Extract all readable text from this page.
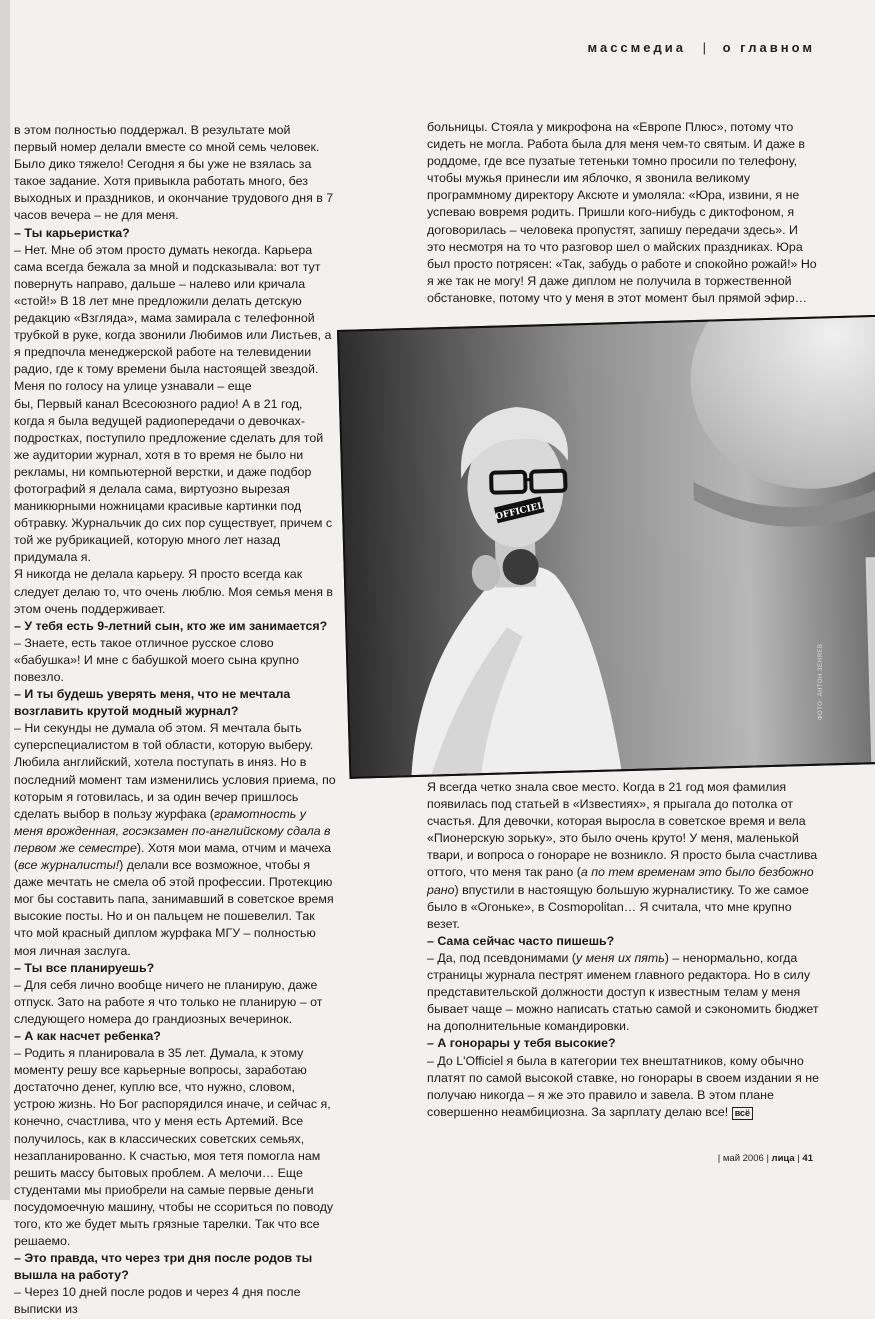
массмедиа | о главном

в этом полностью поддержал. В результате мой первый номер делали вместе со мной семь человек. Было дико тяжело! Сегодня я бы уже не взялась за такое задание. Хотя привыкла работать много, без выходных и праздников, и окончание трудового дня в 7 часов вечера – не для меня.

– Ты карьеристка?

– Нет. Мне об этом просто думать некогда. Карьера сама всегда бежала за мной и подсказывала: вот тут повернуть направо, дальше – налево или кричала «стой!» В 18 лет мне предложили делать детскую редакцию «Взгляда», мама замирала с телефонной трубкой в руке, когда звонили Любимов или Листьев, а я предпочла менеджерской работе на телевидении радио, где к тому времени была настоящей звездой. Меня по голосу на улице узнавали – еще

бы, Первый канал Всесоюзного радио! А в 21 год, когда я была ведущей радиопередачи о девочках-подростках, поступило предложение сделать для той же аудитории журнал, хотя в то время не было ни рекламы, ни компьютерной верстки, и даже подбор фотографий я делала сама, виртуозно вырезая маникюрными ножницами красивые картинки под обтравку. Журнальчик до сих пор существует, причем с той же рубрикацией, которую много лет назад придумала я.

Я никогда не делала карьеру. Я просто всегда как следует делаю то, что очень люблю. Моя семья меня в этом очень поддерживает.

– У тебя есть 9-летний сын, кто же им занимается?

– Знаете, есть такое отличное русское слово «бабушка»! И мне с бабушкой моего сына крупно повезло.

– И ты будешь уверять меня, что не мечтала возглавить крутой модный журнал?

– Ни секунды не думала об этом. Я мечтала быть суперспециалистом в той области, которую выберу. Любила английский, хотела поступать в иняз. Но в последний момент там изменились условия приема, по которым я готовилась, и за один вечер пришлось сделать выбор в пользу журфака (грамотность у меня врожденная, госэкзамен по-английскому сдала в первом же семестре). Хотя мои мама, отчим и мачеха (все журналисты!) делали все возможное, чтобы я даже мечтать не смела об этой профессии. Протекцию мог бы составить папа, занимавший в советское время высокие посты. Но и он пальцем не пошевелил. Так что мой красный диплом журфака МГУ – полностью моя личная заслуга.

– Ты все планируешь?

– Для себя лично вообще ничего не планирую, даже отпуск. Зато на работе я что только не планирую – от следующего номера до грандиозных вечеринок.

– А как насчет ребенка?

– Родить я планировала в 35 лет. Думала, к этому моменту решу все карьерные вопросы, заработаю достаточно денег, куплю все, что нужно, словом, устрою жизнь. Но Бог распорядился иначе, и сейчас я, конечно, счастлива, что у меня есть Артемий. Все получилось, как в классических советских семьях, незапланированно. К счастью, моя тетя помогла нам решить массу бытовых проблем. А мелочи… Еще студентами мы приобрели на самые первые деньги посудомоечную машину, чтобы не ссориться по поводу того, кто же будет мыть грязные тарелки. Так что все решаемо.

– Это правда, что через три дня после родов ты вышла на работу?

– Через 10 дней после родов и через 4 дня после выписки из

больницы. Стояла у микрофона на «Европе Плюс», потому что сидеть не могла. Работа была для меня чем-то святым. И даже в роддоме, где все пузатые тетеньки томно просили по телефону, чтобы мужья принесли им яблочко, я звонила великому программному директору Аксюте и умоляла: «Юра, извини, я не успеваю вовремя родить. Пришли кого-нибудь с диктофоном, я договорилась – человека пропустят, запишу передачи здесь». И это несмотря на то что разговор шел о майских праздниках. Юра был просто потрясен: «Так, забудь о работе и спокойно рожай!» Но я же так не могу! Я даже диплом не получила в торжественной обстановке, потому что у меня в этот момент был прямой эфир…

OFFICIEL
ФОТО: АНТОН ЗЕНЯЕВ

Я всегда четко знала свое место. Когда в 21 год моя фамилия появилась под статьей в «Известиях», я прыгала до потолка от счастья. Для девочки, которая выросла в советское время и вела «Пионерскую зорьку», это было очень круто! У меня, маленькой твари, и вопроса о гонораре не возникло. Я просто была счастлива оттого, что меня так рано (а по тем временам это было безбожно рано) впустили в настоящую большую журналистику. То же самое было в «Огоньке», в Cosmopolitan… Я считала, что мне крупно везет.

– Сама сейчас часто пишешь?

– Да, под псевдонимами (у меня их пять) – ненормально, когда страницы журнала пестрят именем главного редактора. Но в силу представительской должности доступ к известным телам у меня бывает чаще – можно написать статью самой и сэкономить бюджет на дополнительные командировки.

– А гонорары у тебя высокие?

– До L'Officiel я была в категории тех внештатников, кому обычно платят по самой высокой ставке, но гонорары в своем издании я не получаю никогда – я же это правило и завела. В этом плане совершенно неамбициозна. За зарплату делаю все! всё

| май 2006 | лица | 41
